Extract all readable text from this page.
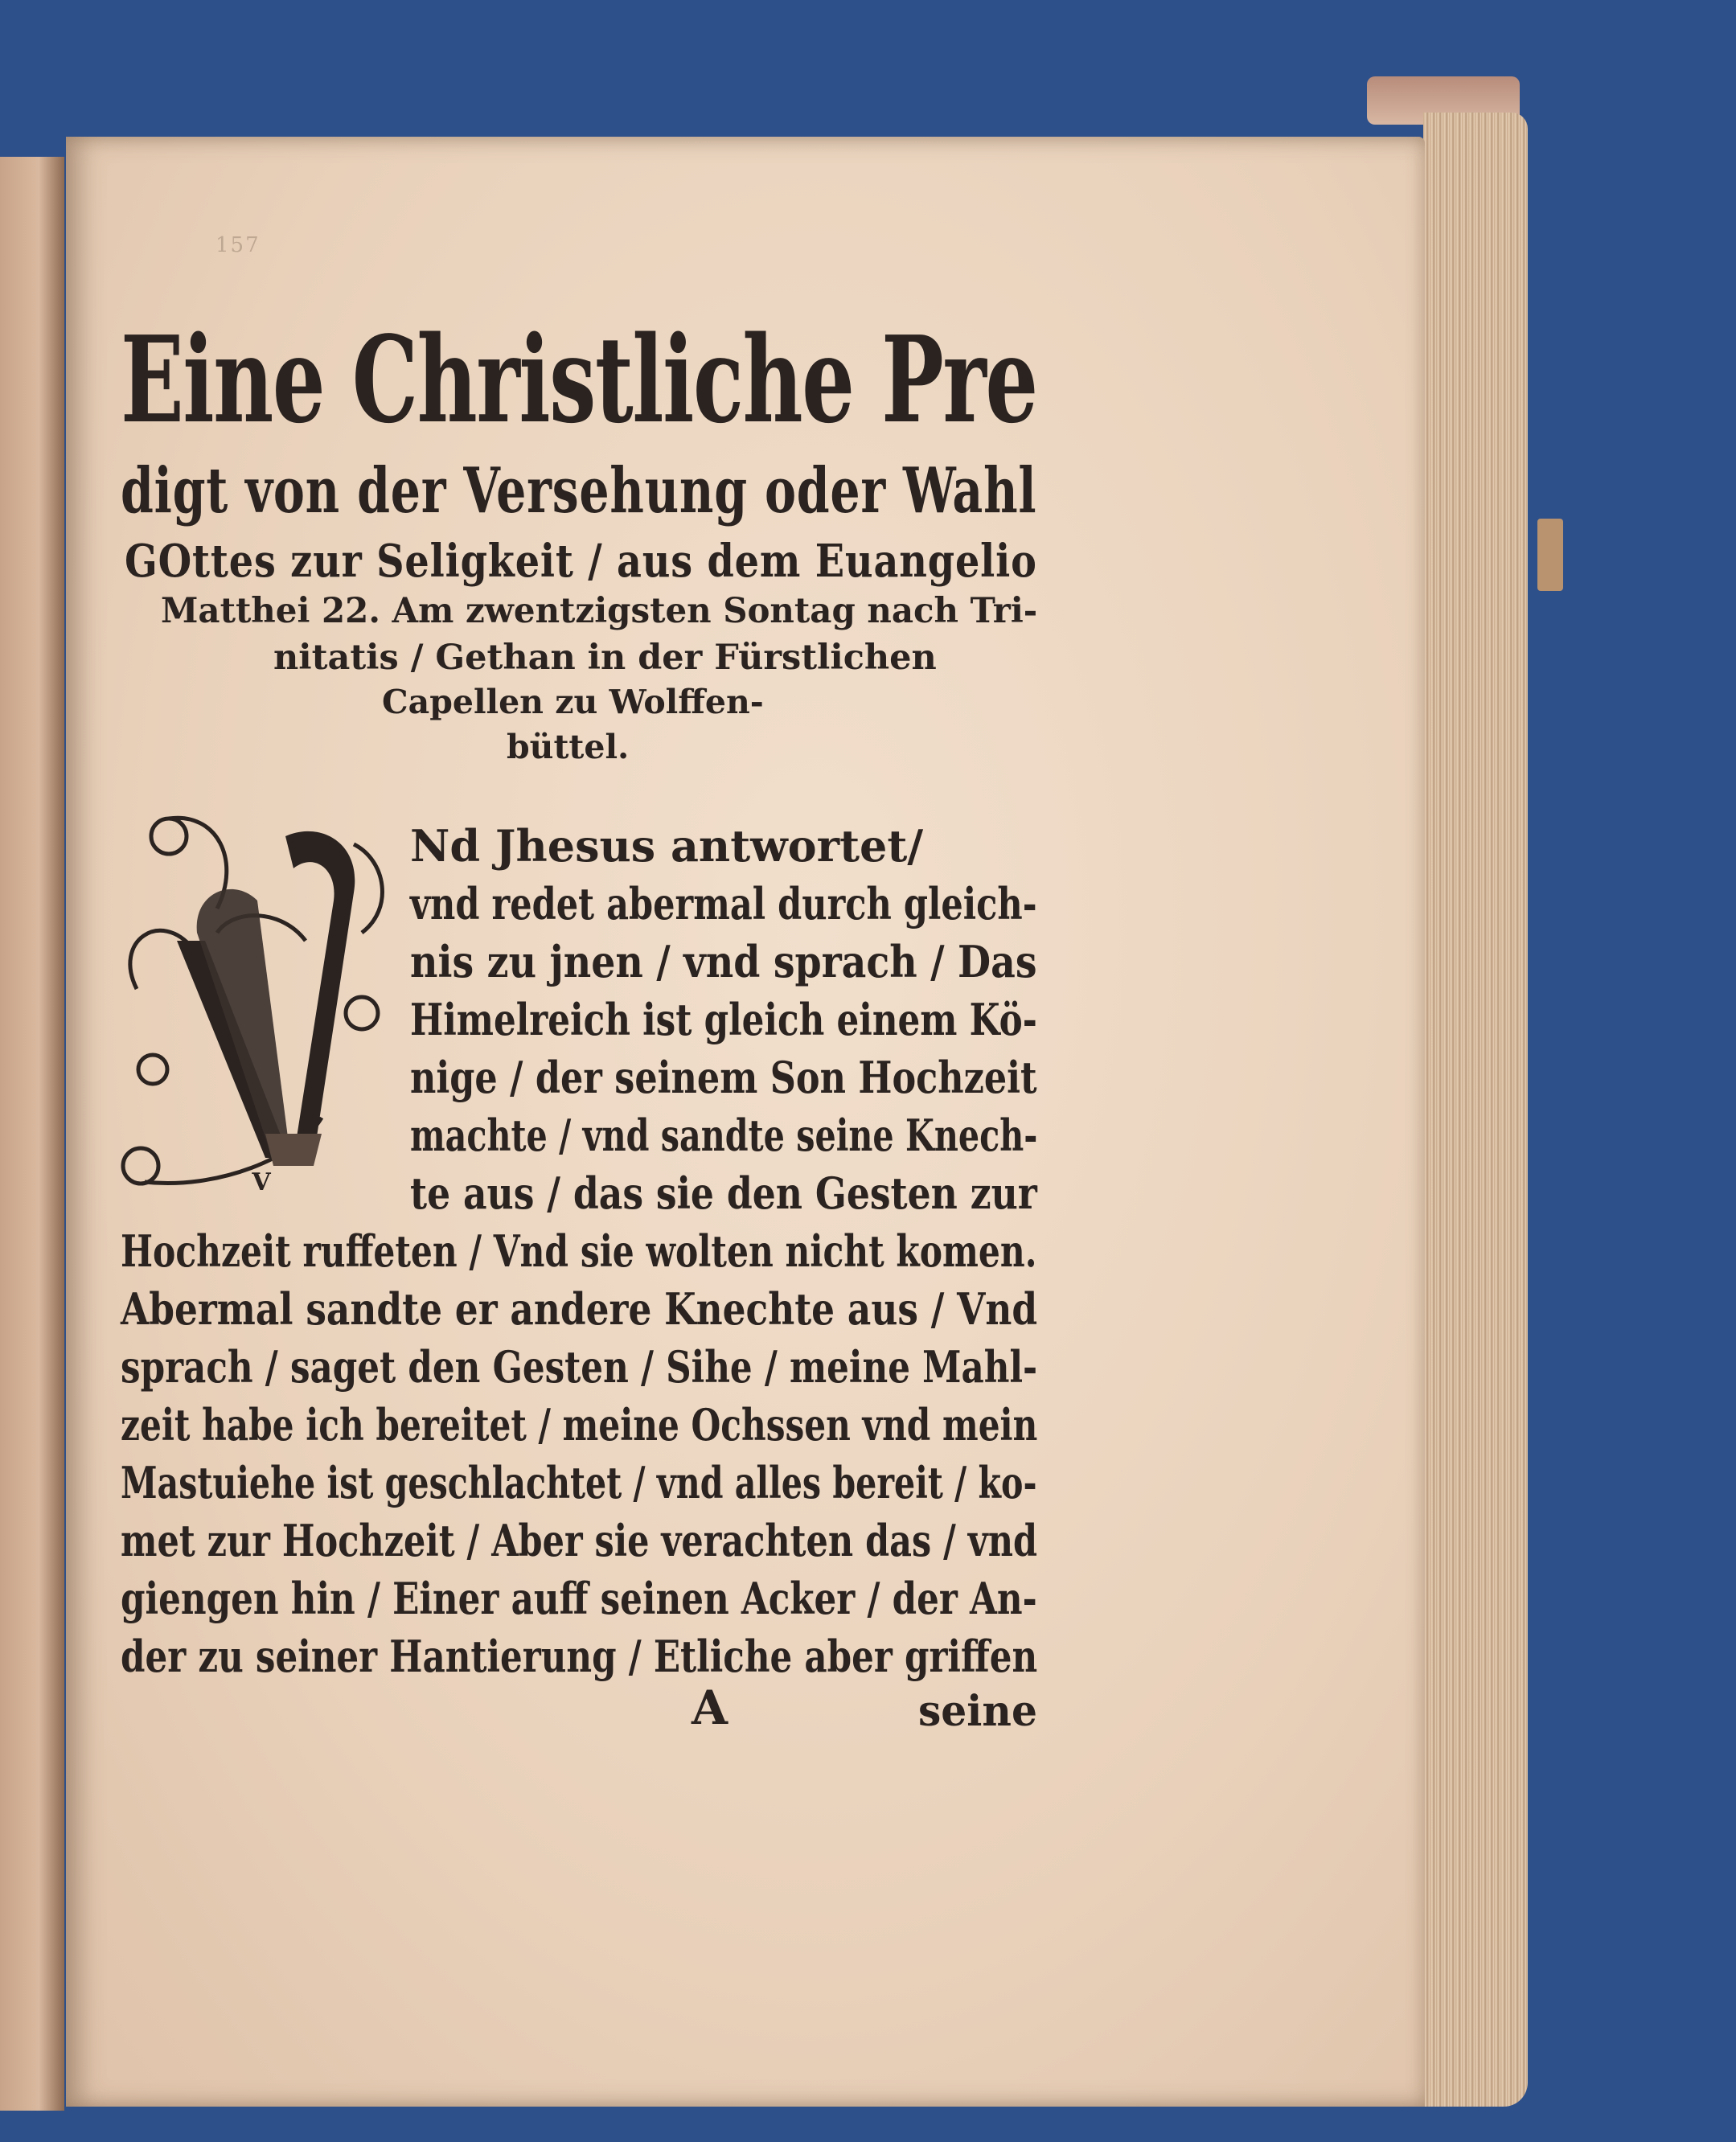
157
Eine Christliche Pre
digt von der Versehung oder Wahl
GOttes zur Seligkeit / aus dem Euangelio
Matthei 22. Am zwentzigsten Sontag nach Tri-
nitatis / Gethan in der Fürstlichen
Capellen zu Wolffen-
büttel.
V
Nd Jhesus antwortet/
vnd redet abermal durch gleich-
nis zu jnen / vnd sprach / Das
Himelreich ist gleich einem Kö-
nige / der seinem Son Hochzeit
machte / vnd sandte seine Knech-
te aus / das sie den Gesten zur
Hochzeit ruffeten / Vnd sie wolten nicht komen.
Abermal sandte er andere Knechte aus / Vnd
sprach / saget den Gesten / Sihe / meine Mahl-
zeit habe ich bereitet / meine Ochssen vnd mein
Mastuiehe ist geschlachtet / vnd alles bereit / ko-
met zur Hochzeit / Aber sie verachten das / vnd
giengen hin / Einer auff seinen Acker / der An-
der zu seiner Hantierung / Etliche aber griffen
A	seine
